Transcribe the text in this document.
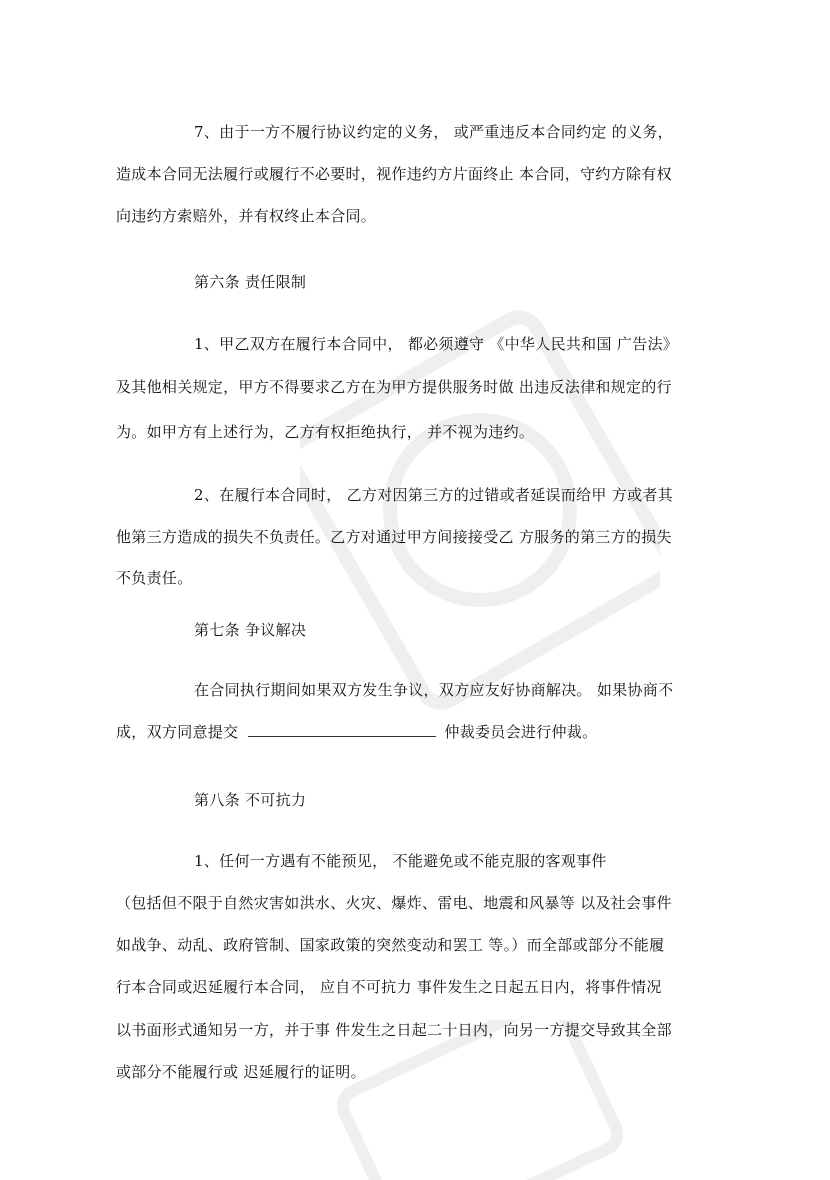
7、由于一方不履行协议约定的义务， 或严重违反本合同约定 的义务，
造成本合同无法履行或履行不必要时，视作违约方片面终止 本合同，守约方除有权
向违约方索赔外，并有权终止本合同。
第六条 责任限制
1、甲乙双方在履行本合同中， 都必须遵守 《中华人民共和国 广告法》
及其他相关规定，甲方不得要求乙方在为甲方提供服务时做 出违反法律和规定的行
为。如甲方有上述行为，乙方有权拒绝执行， 并不视为违约。
2、在履行本合同时， 乙方对因第三方的过错或者延误而给甲 方或者其
他第三方造成的损失不负责任。乙方对通过甲方间接接受乙 方服务的第三方的损失
不负责任。
第七条 争议解决
在合同执行期间如果双方发生争议，双方应友好协商解决。 如果协商不
成，双方同意提交	仲裁委员会进行仲裁。
第八条 不可抗力
1、任何一方遇有不能预见， 不能避免或不能克服的客观事件
（包括但不限于自然灾害如洪水、火灾、爆炸、雷电、地震和风暴等 以及社会事件
如战争、动乱、政府管制、国家政策的突然变动和罢工 等。）而全部或部分不能履
行本合同或迟延履行本合同， 应自不可抗力 事件发生之日起五日内，将事件情况
以书面形式通知另一方，并于事 件发生之日起二十日内，向另一方提交导致其全部
或部分不能履行或 迟延履行的证明。
